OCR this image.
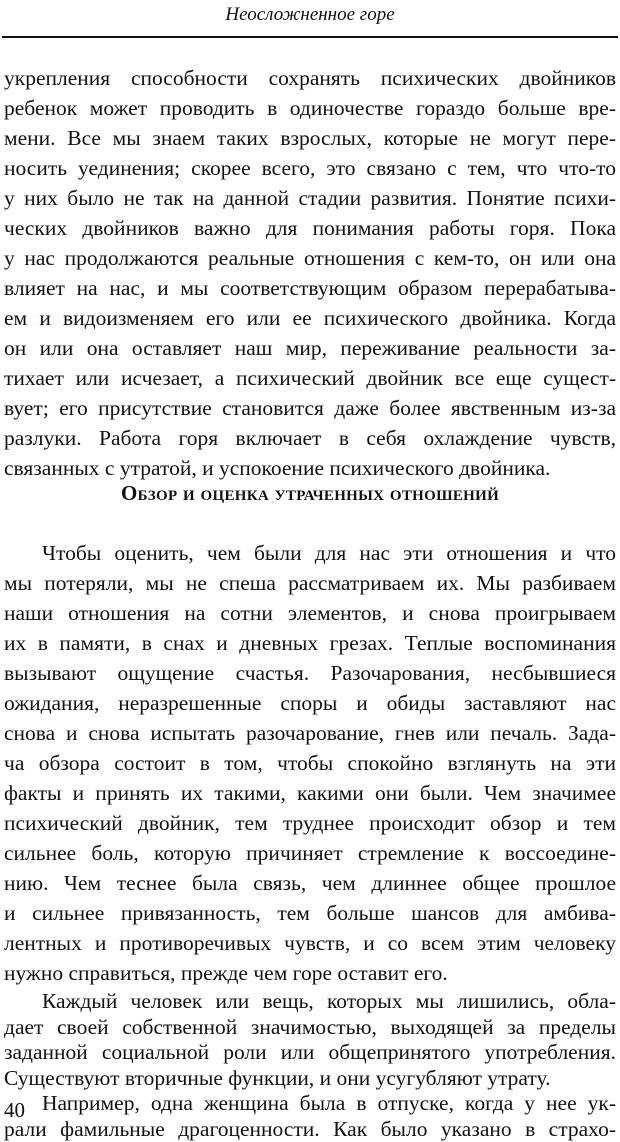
Неосложненное горе
укрепления способности сохранять психических двойников
ребенок может проводить в одиночестве гораздо больше вре-
мени. Все мы знаем таких взрослых, которые не могут пере-
носить уединения; скорее всего, это связано с тем, что что-то
у них было не так на данной стадии развития. Понятие психи-
ческих двойников важно для понимания работы горя. Пока
у нас продолжаются реальные отношения с кем-то, он или она
влияет на нас, и мы соответствующим образом перерабатыва-
ем и видоизменяем его или ее психического двойника. Когда
он или она оставляет наш мир, переживание реальности за-
тихает или исчезает, а психический двойник все еще сущест-
вует; его присутствие становится даже более явственным из-за
разлуки. Работа горя включает в себя охлаждение чувств,
связанных с утратой, и успокоение психического двойника.
Обзор и оценка утраченных отношений
Чтобы оценить, чем были для нас эти отношения и что
мы потеряли, мы не спеша рассматриваем их. Мы разбиваем
наши отношения на сотни элементов, и снова проигрываем
их в памяти, в снах и дневных грезах. Теплые воспоминания
вызывают ощущение счастья. Разочарования, несбывшиеся
ожидания, неразрешенные споры и обиды заставляют нас
снова и снова испытать разочарование, гнев или печаль. Зада-
ча обзора состоит в том, чтобы спокойно взглянуть на эти
факты и принять их такими, какими они были. Чем значимее
психический двойник, тем труднее происходит обзор и тем
сильнее боль, которую причиняет стремление к воссоедине-
нию. Чем теснее была связь, чем длиннее общее прошлое
и сильнее привязанность, тем больше шансов для амбива-
лентных и противоречивых чувств, и со всем этим человеку
нужно справиться, прежде чем горе оставит его.
40
Каждый человек или вещь, которых мы лишились, обла-
дает своей собственной значимостью, выходящей за пределы
заданной социальной роли или общепринятого употребления.
Существуют вторичные функции, и они усугубляют утрату.
Например, одна женщина была в отпуске, когда у нее ук-
рали фамильные драгоценности. Как было указано в страхо-
